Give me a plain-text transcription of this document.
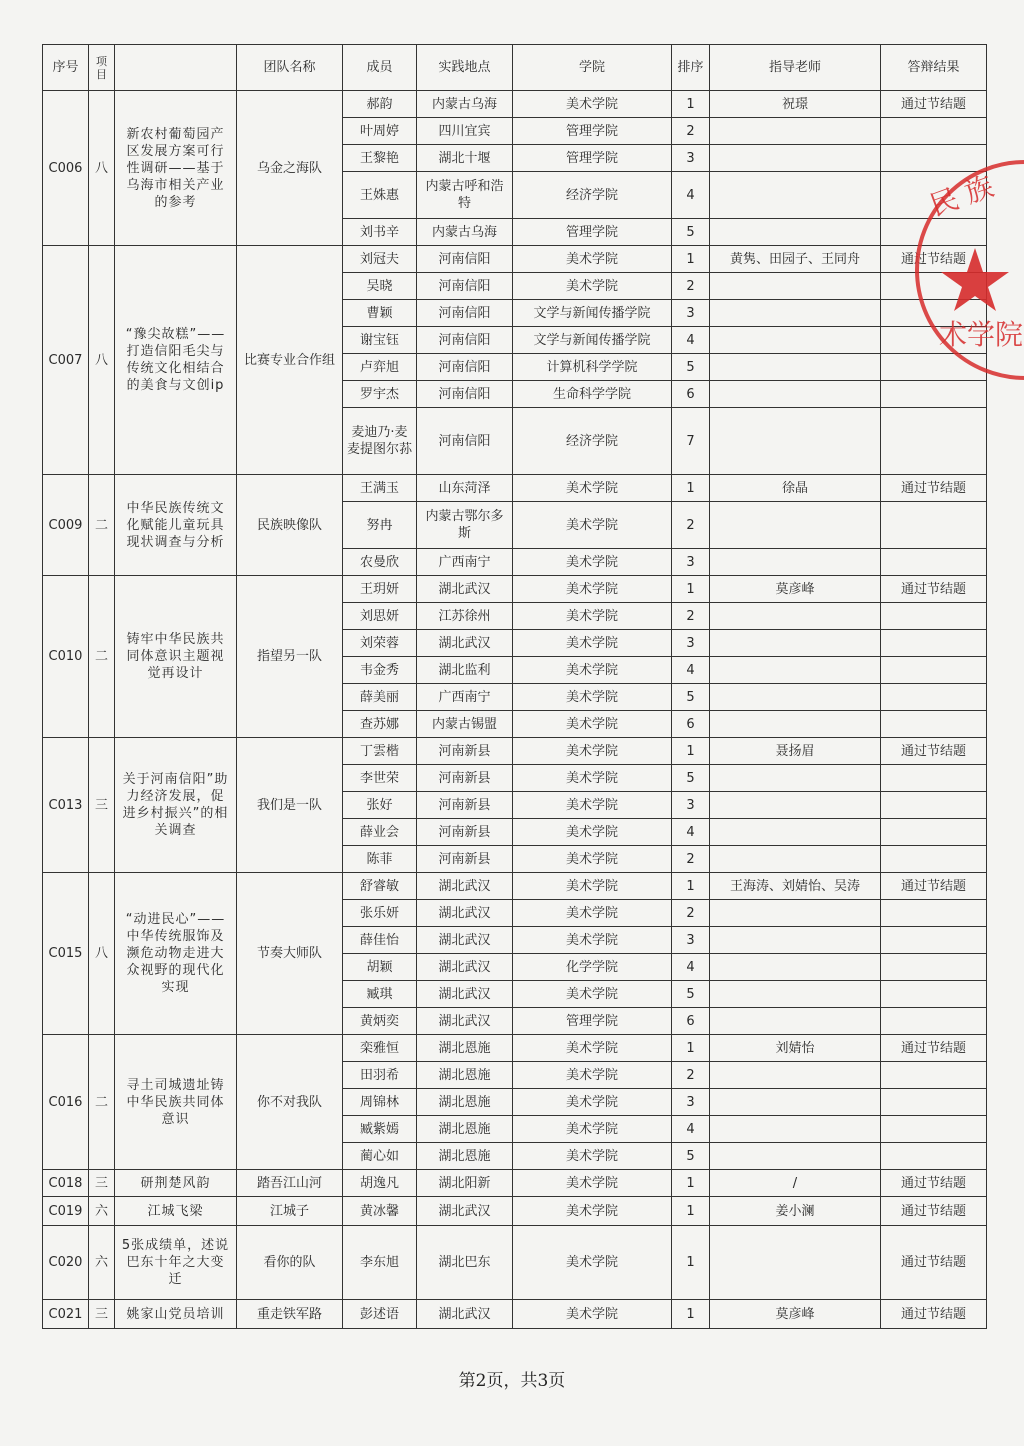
序号	项目		团队名称	成员	实践地点	学院	排序	指导老师	答辩结果
C006	八	新农村葡萄园产区发展方案可行性调研——基于乌海市相关产业的参考	乌金之海队	郝韵	内蒙古乌海	美术学院	1	祝璟	通过节结题
				叶周婷	四川宜宾	管理学院	2		
				王黎艳	湖北十堰	管理学院	3		
				王姝惠	内蒙古呼和浩特	经济学院	4		
				刘书辛	内蒙古乌海	管理学院	5		
C007	八	“豫尖故糕”——打造信阳毛尖与传统文化相结合的美食与文创ip	比赛专业合作组	刘冠夫	河南信阳	美术学院	1	黄隽、田园子、王同舟	通过节结题
				吴晓	河南信阳	美术学院	2		
				曹颖	河南信阳	文学与新闻传播学院	3		
				谢宝钰	河南信阳	文学与新闻传播学院	4		
				卢弈旭	河南信阳	计算机科学学院	5		
				罗宇杰	河南信阳	生命科学学院	6		
				麦迪乃·麦麦提图尔荪	河南信阳	经济学院	7		
C009	二	中华民族传统文化赋能儿童玩具现状调查与分析	民族映像队	王满玉	山东菏泽	美术学院	1	徐晶	通过节结题
				努冉	内蒙古鄂尔多斯	美术学院	2		
				农曼欣	广西南宁	美术学院	3		
C010	二	铸牢中华民族共同体意识主题视觉再设计	指望另一队	王玥妍	湖北武汉	美术学院	1	莫彦峰	通过节结题
				刘思妍	江苏徐州	美术学院	2		
				刘荣蓉	湖北武汉	美术学院	3		
				韦金秀	湖北监利	美术学院	4		
				薛美丽	广西南宁	美术学院	5		
				查苏娜	内蒙古锡盟	美术学院	6		
C013	三	关于河南信阳”助力经济发展，促进乡村振兴”的相关调查	我们是一队	丁雲楷	河南新县	美术学院	1	聂扬眉	通过节结题
				李世荣	河南新县	美术学院	5		
				张好	河南新县	美术学院	3		
				薛业会	河南新县	美术学院	4		
				陈菲	河南新县	美术学院	2		
C015	八	“动进民心”——中华传统服饰及濒危动物走进大众视野的现代化实现	节奏大师队	舒睿敏	湖北武汉	美术学院	1	王海涛、刘婧怡、吴涛	通过节结题
				张乐妍	湖北武汉	美术学院	2		
				薛佳怡	湖北武汉	美术学院	3		
				胡颖	湖北武汉	化学学院	4		
				臧琪	湖北武汉	美术学院	5		
				黄炳奕	湖北武汉	管理学院	6		
C016	二	寻土司城遗址铸中华民族共同体意识	你不对我队	栾雅恒	湖北恩施	美术学院	1	刘婧怡	通过节结题
				田羽希	湖北恩施	美术学院	2		
				周锦林	湖北恩施	美术学院	3		
				臧紫嫣	湖北恩施	美术学院	4		
				蔺心如	湖北恩施	美术学院	5		
C018	三	研荆楚风韵	踏吾江山河	胡逸凡	湖北阳新	美术学院	1	/	通过节结题
C019	六	江城飞梁	江城子	黄冰馨	湖北武汉	美术学院	1	姜小澜	通过节结题
C020	六	5张成绩单，述说巴东十年之大变迁	看你的队	李东旭	湖北巴东	美术学院	1		通过节结题
C021	三	姚家山党员培训	重走铁军路	彭述语	湖北武汉	美术学院	1	莫彦峰	通过节结题
民 族
术学院
第2页，共3页
